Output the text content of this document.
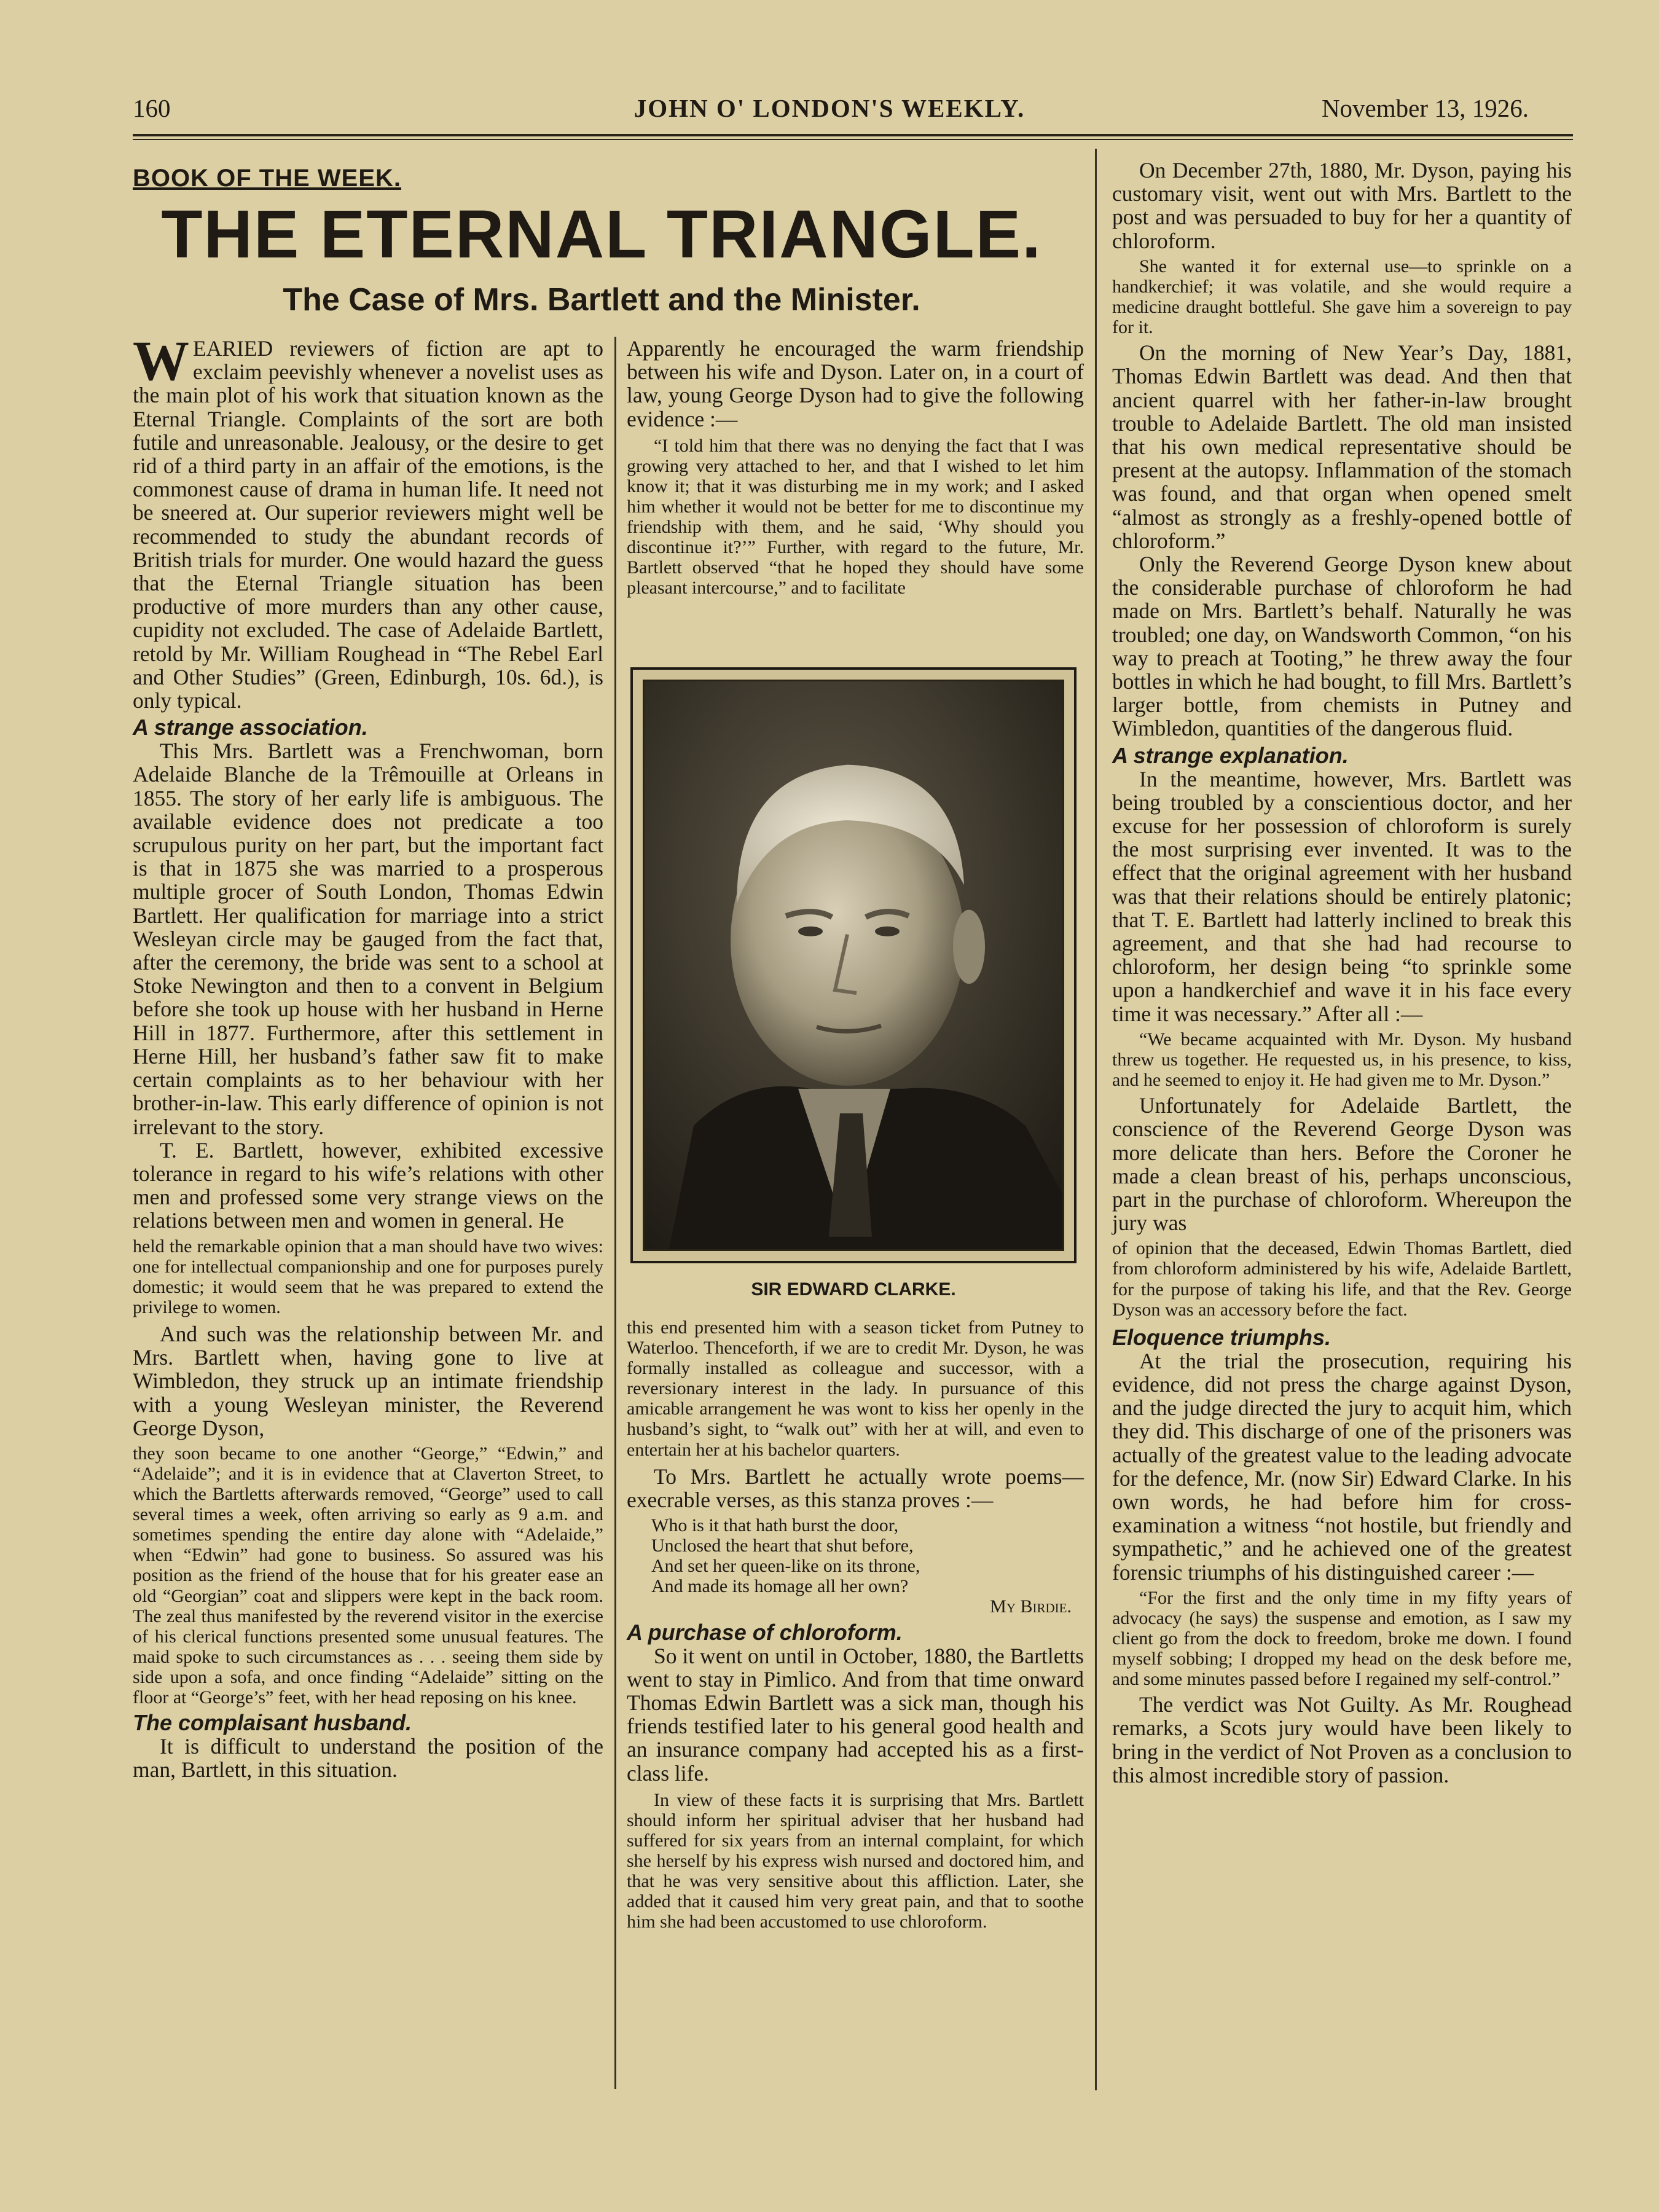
160	JOHN O' LONDON'S WEEKLY.	November 13, 1926.
BOOK OF THE WEEK.
THE ETERNAL TRIANGLE.
The Case of Mrs. Bartlett and the Minister.

WEARIED reviewers of fiction are apt to exclaim peevishly whenever a novelist uses as the main plot of his work that situation known as the Eternal Triangle. Complaints of the sort are both futile and unreasonable. Jealousy, or the desire to get rid of a third party in an affair of the emotions, is the commonest cause of drama in human life. It need not be sneered at. Our superior reviewers might well be recommended to study the abundant records of British trials for murder. One would hazard the guess that the Eternal Triangle situation has been productive of more murders than any other cause, cupidity not excluded. The case of Adelaide Bartlett, retold by Mr. William Roughead in “The Rebel Earl and Other Studies” (Green, Edinburgh, 10s. 6d.), is only typical.

A strange association.

This Mrs. Bartlett was a Frenchwoman, born Adelaide Blanche de la Trêmouille at Orleans in 1855. The story of her early life is ambiguous. The available evidence does not predicate a too scrupulous purity on her part, but the important fact is that in 1875 she was married to a prosperous multiple grocer of South London, Thomas Edwin Bartlett. Her qualification for marriage into a strict Wesleyan circle may be gauged from the fact that, after the ceremony, the bride was sent to a school at Stoke Newington and then to a convent in Belgium before she took up house with her husband in Herne Hill in 1877. Furthermore, after this settlement in Herne Hill, her husband’s father saw fit to make certain complaints as to her behaviour with her brother-in-law. This early difference of opinion is not irrelevant to the story.

T. E. Bartlett, however, exhibited excessive tolerance in regard to his wife’s relations with other men and professed some very strange views on the relations between men and women in general. He

held the remarkable opinion that a man should have two wives: one for intellectual companionship and one for purposes purely domestic; it would seem that he was prepared to extend the privilege to women.

And such was the relationship between Mr. and Mrs. Bartlett when, having gone to live at Wimbledon, they struck up an intimate friendship with a young Wesleyan minister, the Reverend George Dyson,

they soon became to one another “George,” “Edwin,” and “Adelaide”; and it is in evidence that at Claverton Street, to which the Bartletts afterwards removed, “George” used to call several times a week, often arriving so early as 9 a.m. and sometimes spending the entire day alone with “Adelaide,” when “Edwin” had gone to business. So assured was his position as the friend of the house that for his greater ease an old “Georgian” coat and slippers were kept in the back room. The zeal thus manifested by the reverend visitor in the exercise of his clerical functions presented some unusual features. The maid spoke to such circumstances as . . . seeing them side by side upon a sofa, and once finding “Adelaide” sitting on the floor at “George’s” feet, with her head reposing on his knee.

The complaisant husband.

It is difficult to understand the position of the man, Bartlett, in this situation.

Apparently he encouraged the warm friendship between his wife and Dyson. Later on, in a court of law, young George Dyson had to give the following evidence :—

“I told him that there was no denying the fact that I was growing very attached to her, and that I wished to let him know it; that it was disturbing me in my work; and I asked him whether it would not be better for me to discontinue my friendship with them, and he said, ‘Why should you discontinue it?’” Further, with regard to the future, Mr. Bartlett observed “that he hoped they should have some pleasant intercourse,” and to facilitate

SIR EDWARD CLARKE.

this end presented him with a season ticket from Putney to Waterloo. Thenceforth, if we are to credit Mr. Dyson, he was formally installed as colleague and successor, with a reversionary interest in the lady. In pursuance of this amicable arrangement he was wont to kiss her openly in the husband’s sight, to “walk out” with her at will, and even to entertain her at his bachelor quarters.

To Mrs. Bartlett he actually wrote poems—execrable verses, as this stanza proves :—

Who is it that hath burst the door,

Unclosed the heart that shut before,

And set her queen-like on its throne,

And made its homage all her own?

My Birdie.

A purchase of chloroform.

So it went on until in October, 1880, the Bartletts went to stay in Pimlico. And from that time onward Thomas Edwin Bartlett was a sick man, though his friends testified later to his general good health and an insurance company had accepted his as a first-class life.

In view of these facts it is surprising that Mrs. Bartlett should inform her spiritual adviser that her husband had suffered for six years from an internal complaint, for which she herself by his express wish nursed and doctored him, and that he was very sensitive about this affliction. Later, she added that it caused him very great pain, and that to soothe him she had been accustomed to use chloroform.

On December 27th, 1880, Mr. Dyson, paying his customary visit, went out with Mrs. Bartlett to the post and was persuaded to buy for her a quantity of chloroform.

She wanted it for external use—to sprinkle on a handkerchief; it was volatile, and she would require a medicine draught bottleful. She gave him a sovereign to pay for it.

On the morning of New Year’s Day, 1881, Thomas Edwin Bartlett was dead. And then that ancient quarrel with her father-in-law brought trouble to Adelaide Bartlett. The old man insisted that his own medical representative should be present at the autopsy. Inflammation of the stomach was found, and that organ when opened smelt “almost as strongly as a freshly-opened bottle of chloroform.”

Only the Reverend George Dyson knew about the considerable purchase of chloroform he had made on Mrs. Bartlett’s behalf. Naturally he was troubled; one day, on Wandsworth Common, “on his way to preach at Tooting,” he threw away the four bottles in which he had bought, to fill Mrs. Bartlett’s larger bottle, from chemists in Putney and Wimbledon, quantities of the dangerous fluid.

A strange explanation.

In the meantime, however, Mrs. Bartlett was being troubled by a conscientious doctor, and her excuse for her possession of chloroform is surely the most surprising ever invented. It was to the effect that the original agreement with her husband was that their relations should be entirely platonic; that T. E. Bartlett had latterly inclined to break this agreement, and that she had had recourse to chloroform, her design being “to sprinkle some upon a handkerchief and wave it in his face every time it was necessary.” After all :—

“We became acquainted with Mr. Dyson. My husband threw us together. He requested us, in his presence, to kiss, and he seemed to enjoy it. He had given me to Mr. Dyson.”

Unfortunately for Adelaide Bartlett, the conscience of the Reverend George Dyson was more delicate than hers. Before the Coroner he made a clean breast of his, perhaps unconscious, part in the purchase of chloroform. Whereupon the jury was

of opinion that the deceased, Edwin Thomas Bartlett, died from chloroform administered by his wife, Adelaide Bartlett, for the purpose of taking his life, and that the Rev. George Dyson was an accessory before the fact.

Eloquence triumphs.

At the trial the prosecution, requiring his evidence, did not press the charge against Dyson, and the judge directed the jury to acquit him, which they did. This discharge of one of the prisoners was actually of the greatest value to the leading advocate for the defence, Mr. (now Sir) Edward Clarke. In his own words, he had before him for cross-examination a witness “not hostile, but friendly and sympathetic,” and he achieved one of the greatest forensic triumphs of his distinguished career :—

“For the first and the only time in my fifty years of advocacy (he says) the suspense and emotion, as I saw my client go from the dock to freedom, broke me down. I found myself sobbing; I dropped my head on the desk before me, and some minutes passed before I regained my self-control.”

The verdict was Not Guilty. As Mr. Roughead remarks, a Scots jury would have been likely to bring in the verdict of Not Proven as a conclusion to this almost incredible story of passion.
